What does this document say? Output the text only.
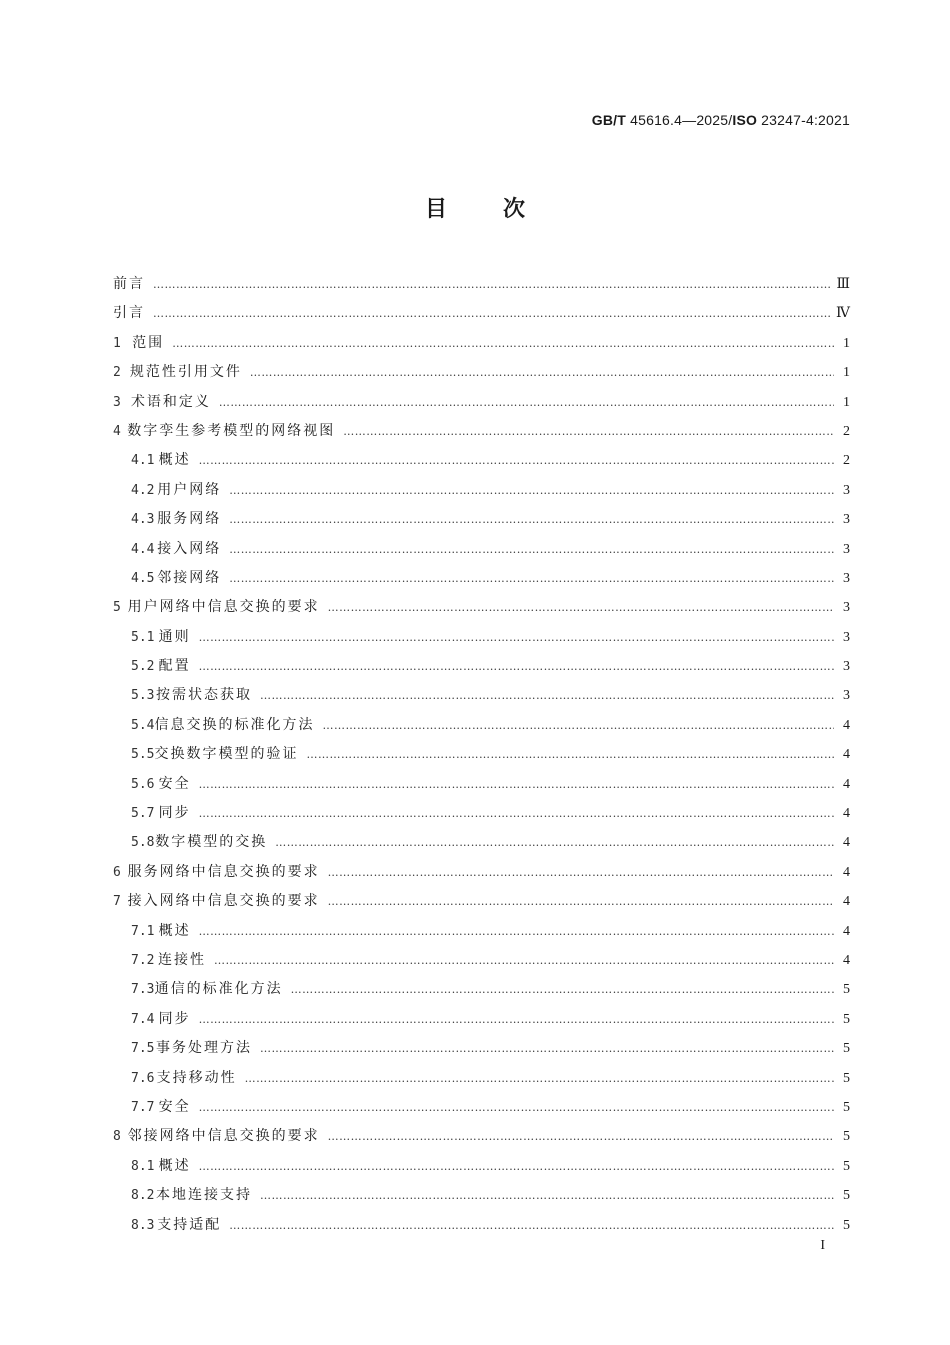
GB/T 45616.4—2025/ISO 23247-4:2021
目次
前言 ………………………………………………………………………………………………………………………………………………………………………………………………………………	Ⅲ
引言 ………………………………………………………………………………………………………………………………………………………………………………………………………………	Ⅳ
1 范围 ………………………………………………………………………………………………………………………………………………………………………………………………………………	1
2 规范性引用文件 ………………………………………………………………………………………………………………………………………………………………………………………………………………	1
3 术语和定义 ………………………………………………………………………………………………………………………………………………………………………………………………………………	1
4 数字孪生参考模型的网络视图 ………………………………………………………………………………………………………………………………………………………………………………………………………………	2
4.1 概述 ………………………………………………………………………………………………………………………………………………………………………………………………………………	2
4.2 用户网络 ………………………………………………………………………………………………………………………………………………………………………………………………………………	3
4.3 服务网络 ………………………………………………………………………………………………………………………………………………………………………………………………………………	3
4.4 接入网络 ………………………………………………………………………………………………………………………………………………………………………………………………………………	3
4.5 邻接网络 ………………………………………………………………………………………………………………………………………………………………………………………………………………	3
5 用户网络中信息交换的要求 ………………………………………………………………………………………………………………………………………………………………………………………………………………	3
5.1 通则 ………………………………………………………………………………………………………………………………………………………………………………………………………………	3
5.2 配置 ………………………………………………………………………………………………………………………………………………………………………………………………………………	3
5.3 按需状态获取 ………………………………………………………………………………………………………………………………………………………………………………………………………………	3
5.4 信息交换的标准化方法 ………………………………………………………………………………………………………………………………………………………………………………………………………………	4
5.5 交换数字模型的验证 ………………………………………………………………………………………………………………………………………………………………………………………………………………	4
5.6 安全 ………………………………………………………………………………………………………………………………………………………………………………………………………………	4
5.7 同步 ………………………………………………………………………………………………………………………………………………………………………………………………………………	4
5.8 数字模型的交换 ………………………………………………………………………………………………………………………………………………………………………………………………………………	4
6 服务网络中信息交换的要求 ………………………………………………………………………………………………………………………………………………………………………………………………………………	4
7 接入网络中信息交换的要求 ………………………………………………………………………………………………………………………………………………………………………………………………………………	4
7.1 概述 ………………………………………………………………………………………………………………………………………………………………………………………………………………	4
7.2 连接性 ………………………………………………………………………………………………………………………………………………………………………………………………………………	4
7.3 通信的标准化方法 ………………………………………………………………………………………………………………………………………………………………………………………………………………	5
7.4 同步 ………………………………………………………………………………………………………………………………………………………………………………………………………………	5
7.5 事务处理方法 ………………………………………………………………………………………………………………………………………………………………………………………………………………	5
7.6 支持移动性 ………………………………………………………………………………………………………………………………………………………………………………………………………………	5
7.7 安全 ………………………………………………………………………………………………………………………………………………………………………………………………………………	5
8 邻接网络中信息交换的要求 ………………………………………………………………………………………………………………………………………………………………………………………………………………	5
8.1 概述 ………………………………………………………………………………………………………………………………………………………………………………………………………………	5
8.2 本地连接支持 ………………………………………………………………………………………………………………………………………………………………………………………………………………	5
8.3 支持适配 ………………………………………………………………………………………………………………………………………………………………………………………………………………	5
I
